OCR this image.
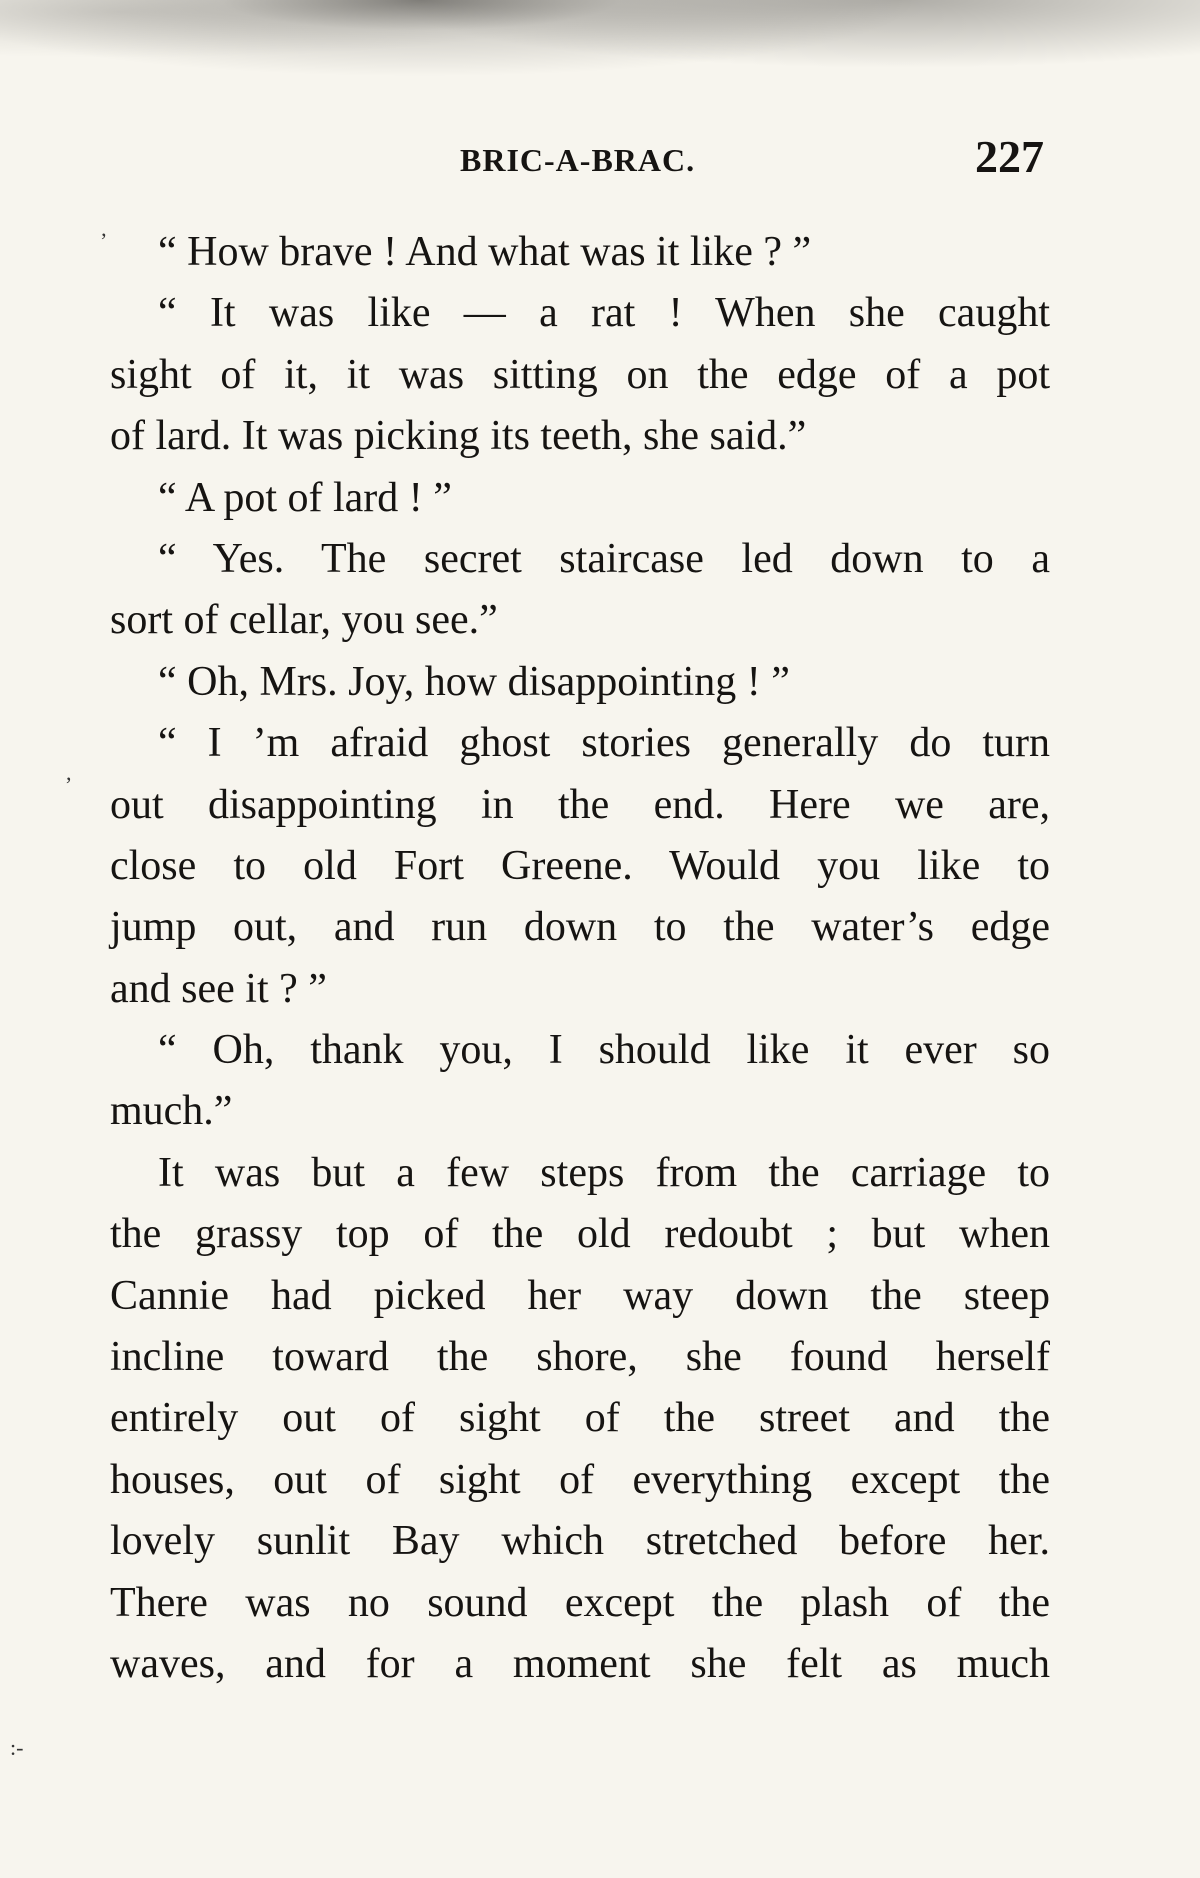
BRIC-A-BRAC.	227
’
,
:-
“ How brave ! And what was it like ? ”
“ It was like — a rat ! When she caught
sight of it, it was sitting on the edge of a pot
of lard. It was picking its teeth, she said.”
“ A pot of lard ! ”
“ Yes. The secret staircase led down to a
sort of cellar, you see.”
“ Oh, Mrs. Joy, how disappointing ! ”
“ I ’m afraid ghost stories generally do turn
out disappointing in the end. Here we are,
close to old Fort Greene. Would you like to
jump out, and run down to the water’s edge
and see it ? ”
“ Oh, thank you, I should like it ever so
much.”
It was but a few steps from the carriage to
the grassy top of the old redoubt ; but when
Cannie had picked her way down the steep
incline toward the shore, she found herself
entirely out of sight of the street and the
houses, out of sight of everything except the
lovely sunlit Bay which stretched before her.
There was no sound except the plash of the
waves, and for a moment she felt as much
